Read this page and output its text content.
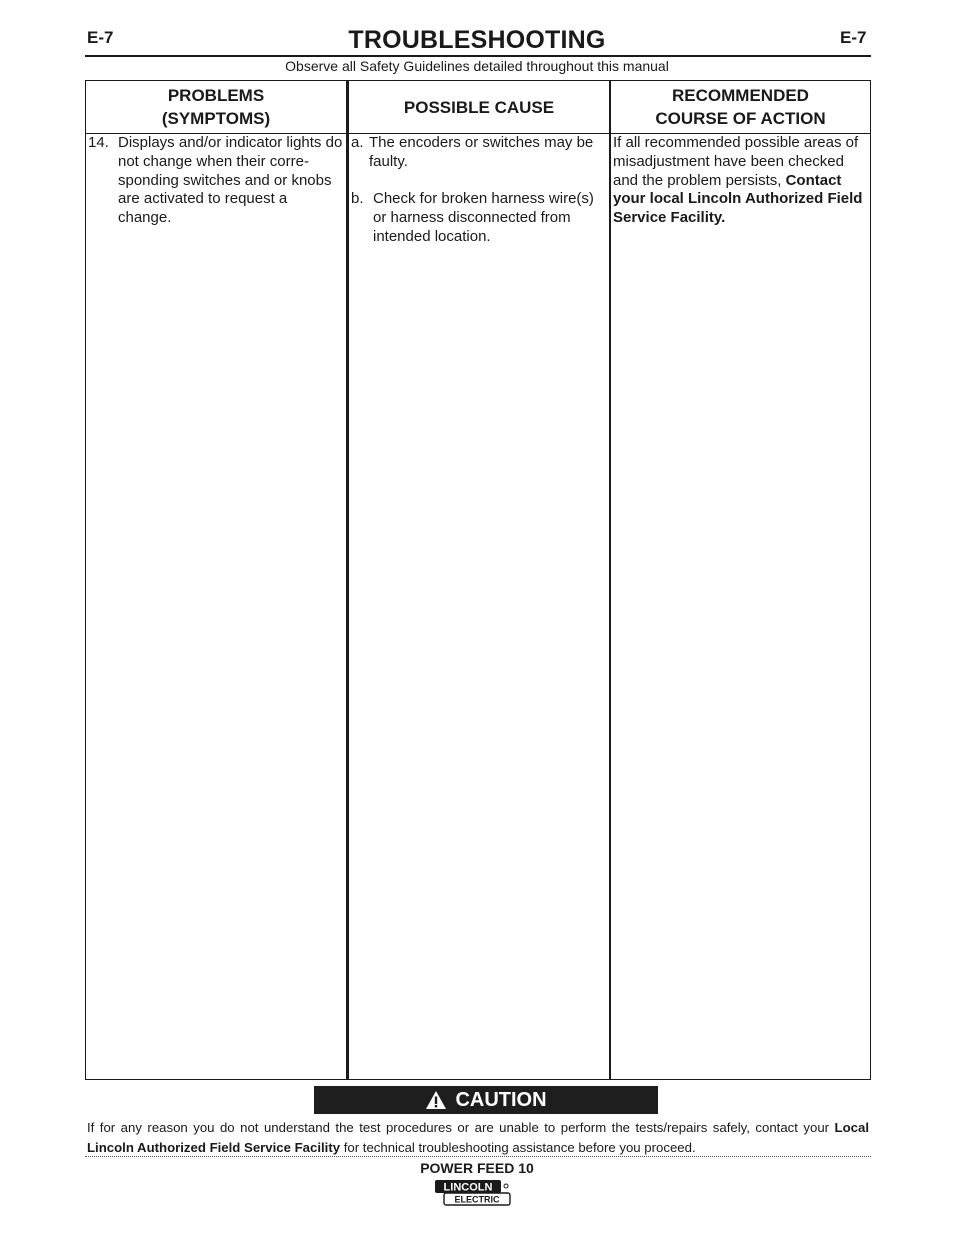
E-7	TROUBLESHOOTING	E-7
Observe all Safety Guidelines detailed throughout this manual
PROBLEMS
(SYMPTOMS)
14. Displays and/or indicator lights do not change when their corre- sponding switches and or knobs are activated to request a change.
POSSIBLE CAUSE
a. The encoders or switches may be faulty.
b. Check for broken harness wire(s) or harness disconnected from intended location.
RECOMMENDED
COURSE OF ACTION
If all recommended possible areas of misadjustment have been checked and the problem persists, Contact your local Lincoln Authorized Field Service Facility.
CAUTION
If for any reason you do not understand the test procedures or are unable to perform the tests/repairs safely, contact your Local Lincoln Authorized Field Service Facility for technical troubleshooting assistance before you proceed.
POWER FEED 10
LINCOLN
ELECTRIC
